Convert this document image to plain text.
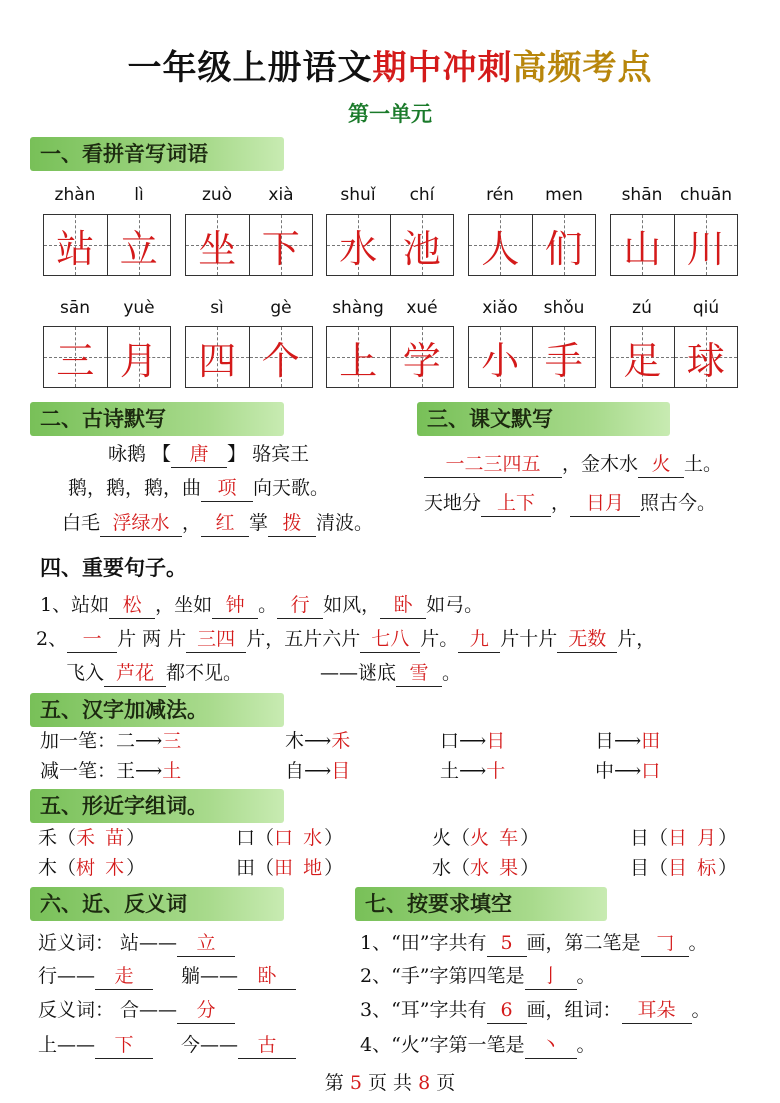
一年级上册语文期中冲刺高频考点
第一单元
一、看拼音写词语
zhàn	lì
站 立
zuò	xià
坐 下
shuǐ	chí
水 池
rén	men
人 们
shān	chuān
山 川
sān	yuè
三 月
sì	gè
四 个
shàng	xué
上 学
xiǎo	shǒu
小 手
zú	qiú
足 球
二、古诗默写
咏鹅 【 唐 】 骆宾王
鹅，鹅，鹅，曲 项 向天歌。
白毛 浮绿水 ， 红 掌 拨 清波。
三、课文默写
一二三四五 ，金木水 火 土。
天地分 上下 ， 日月 照古今。
四、重要句子。
1、站如 松 ，坐如 钟 。 行 如风， 卧 如弓。
2、 一 片 两 片 三四 片，五片六片 七八 片。 九 片十片 无数 片，
飞入 芦花 都不见。	——谜底 雪 。
五、汉字加减法。
加一笔：二⟶三	木⟶禾	口⟶日	日⟶田
减一笔：王⟶土	自⟶目	土⟶十	中⟶口
五、形近字组词。
禾（禾 苗）	口（口 水）	火（火 车）	日（日 月）
木（树 木）	田（田 地）	水（水 果）	目（目 标）
六、近、反义词
近义词： 站—— 立
行—— 走	躺—— 卧
反义词： 合—— 分
上—— 下	今—— 古
七、按要求填空
1、“田”字共有 5 画，第二笔是 𠃌 。
2、“手”字第四笔是 亅 。
3、“耳”字共有 6 画，组词： 耳朵 。
4、“火”字第一笔是 丶 。
第 5 页 共 8 页
